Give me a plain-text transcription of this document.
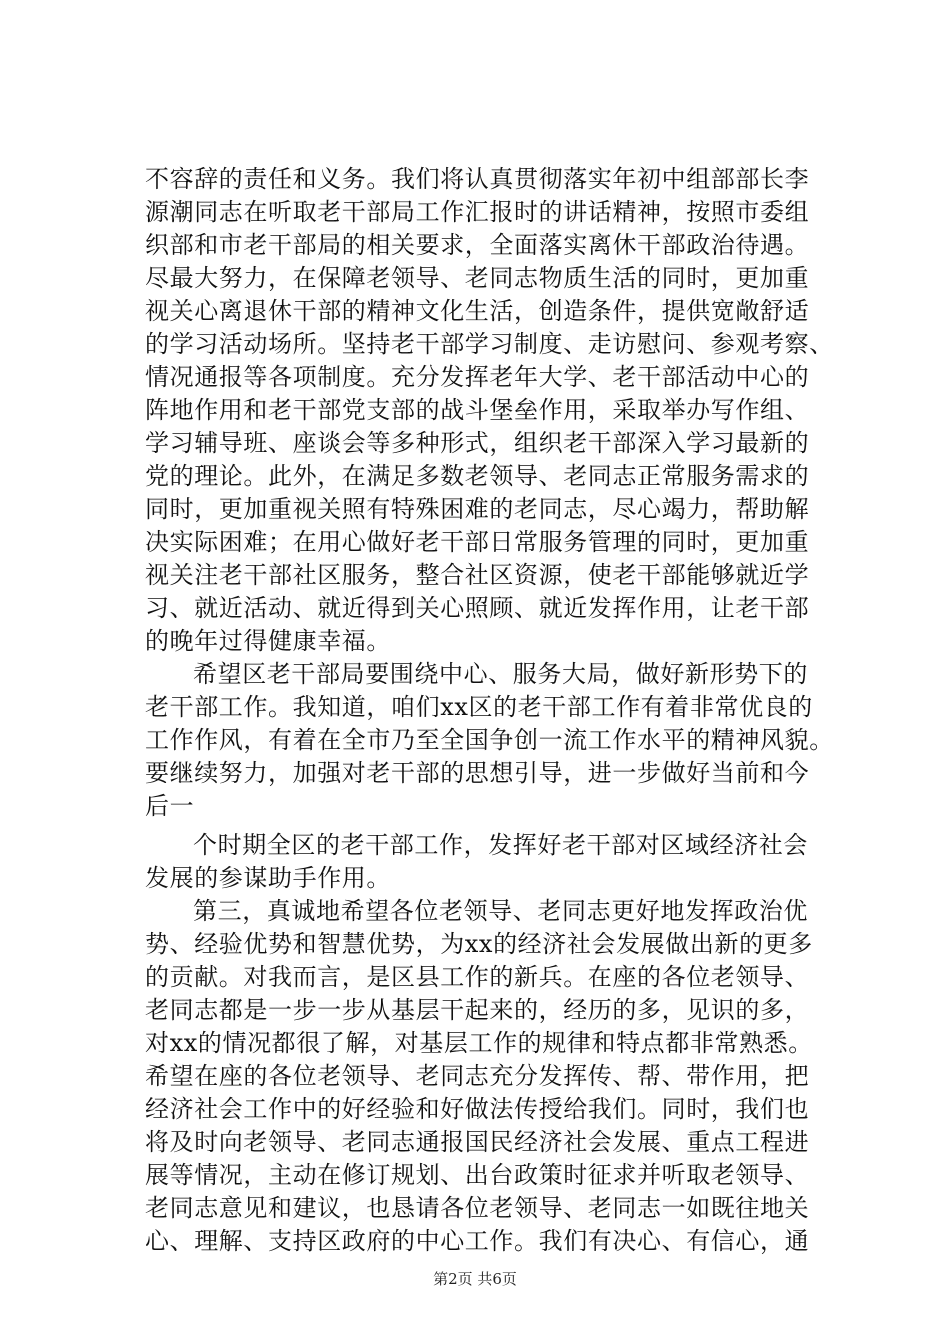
不容辞的责任和义务。我们将认真贯彻落实年初中组部部长李
源潮同志在听取老干部局工作汇报时的讲话精神，按照市委组
织部和市老干部局的相关要求，全面落实离休干部政治待遇。
尽最大努力，在保障老领导、老同志物质生活的同时，更加重
视关心离退休干部的精神文化生活，创造条件，提供宽敞舒适
的学习活动场所。坚持老干部学习制度、走访慰问、参观考察、
情况通报等各项制度。充分发挥老年大学、老干部活动中心的
阵地作用和老干部党支部的战斗堡垒作用，采取举办写作组、
学习辅导班、座谈会等多种形式，组织老干部深入学习最新的
党的理论。此外，在满足多数老领导、老同志正常服务需求的
同时，更加重视关照有特殊困难的老同志，尽心竭力，帮助解
决实际困难；在用心做好老干部日常服务管理的同时，更加重
视关注老干部社区服务，整合社区资源，使老干部能够就近学
习、就近活动、就近得到关心照顾、就近发挥作用，让老干部
的晚年过得健康幸福。
希望区老干部局要围绕中心、服务大局，做好新形势下的
老干部工作。我知道，咱们xx区的老干部工作有着非常优良的
工作作风，有着在全市乃至全国争创一流工作水平的精神风貌。
要继续努力，加强对老干部的思想引导，进一步做好当前和今
后一
个时期全区的老干部工作，发挥好老干部对区域经济社会
发展的参谋助手作用。
第三，真诚地希望各位老领导、老同志更好地发挥政治优
势、经验优势和智慧优势，为xx的经济社会发展做出新的更多
的贡献。对我而言，是区县工作的新兵。在座的各位老领导、
老同志都是一步一步从基层干起来的，经历的多，见识的多，
对xx的情况都很了解，对基层工作的规律和特点都非常熟悉。
希望在座的各位老领导、老同志充分发挥传、帮、带作用，把
经济社会工作中的好经验和好做法传授给我们。同时，我们也
将及时向老领导、老同志通报国民经济社会发展、重点工程进
展等情况，主动在修订规划、出台政策时征求并听取老领导、
老同志意见和建议，也恳请各位老领导、老同志一如既往地关
心、理解、支持区政府的中心工作。我们有决心、有信心，通
第2页 共6页
